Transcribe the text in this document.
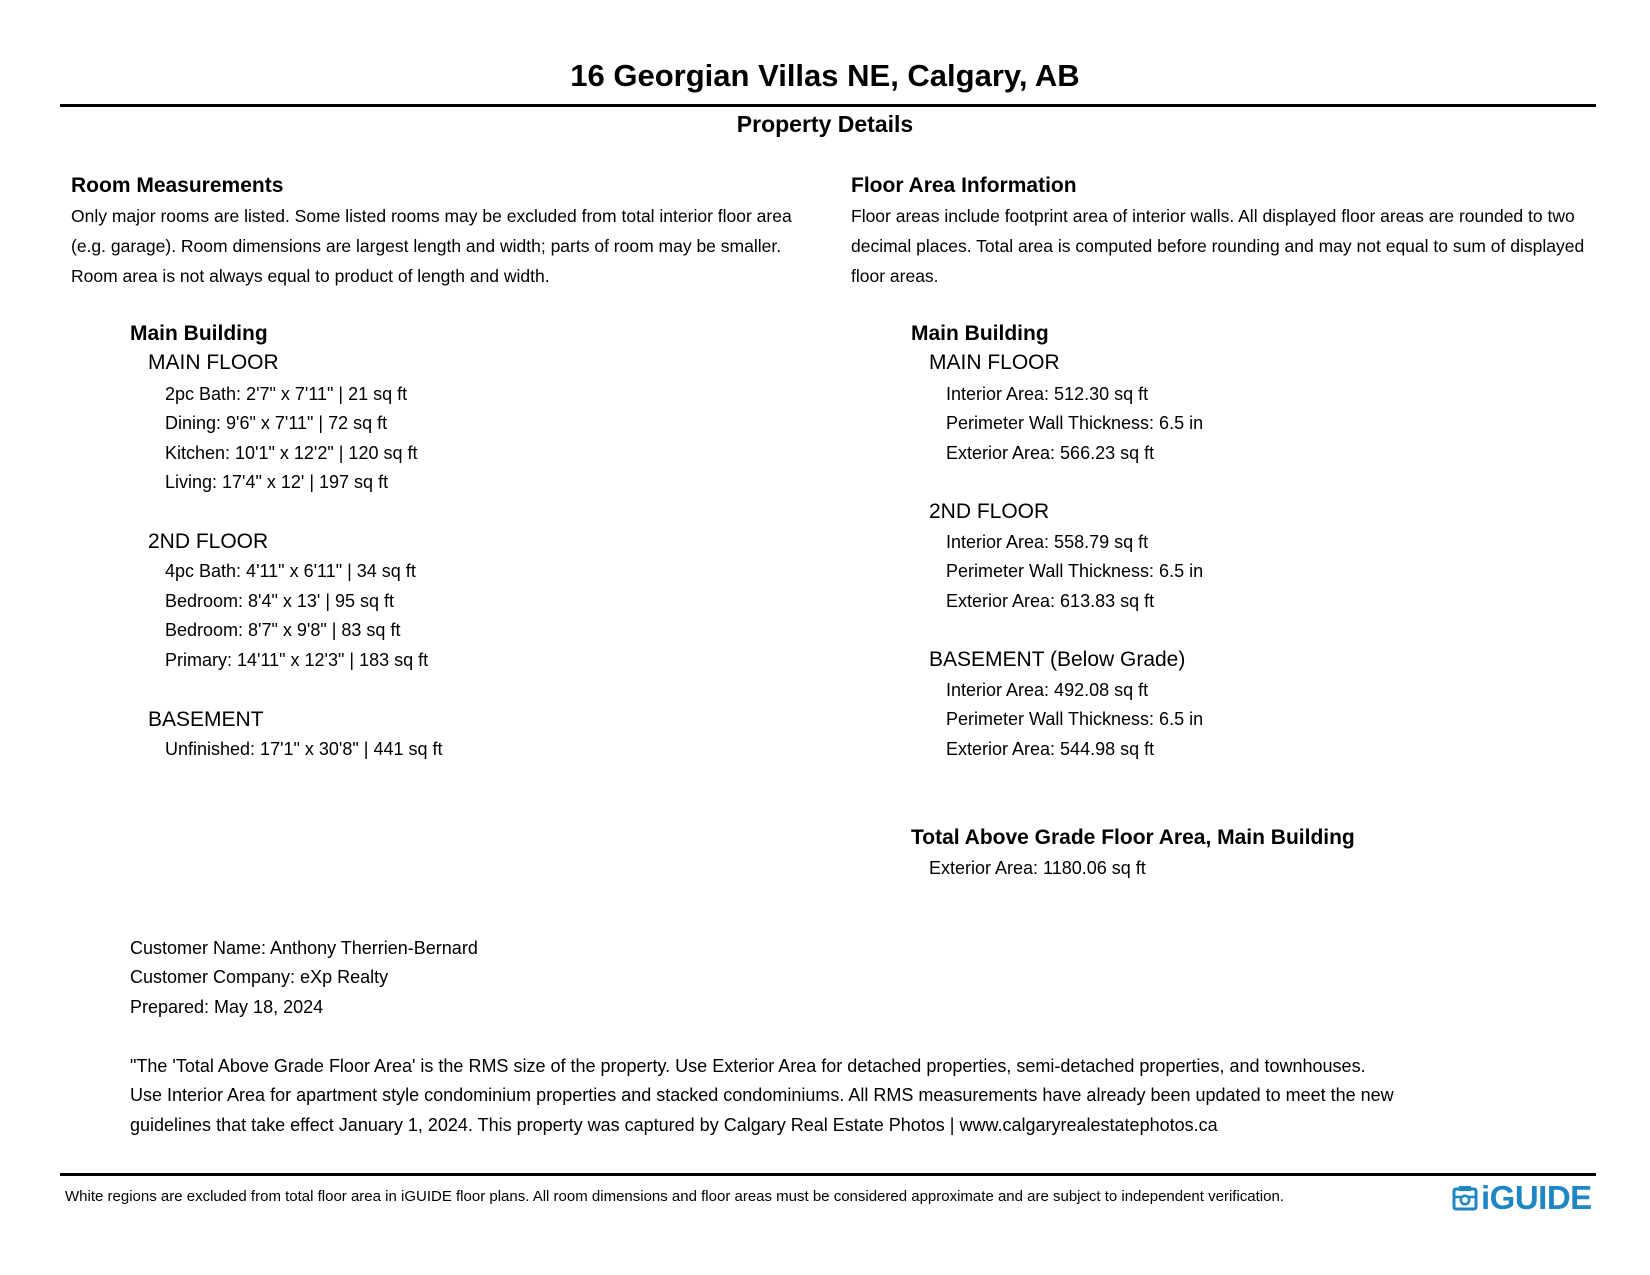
16 Georgian Villas NE, Calgary, AB
Property Details
Room Measurements
Only major rooms are listed. Some listed rooms may be excluded from total interior floor area
(e.g. garage). Room dimensions are largest length and width; parts of room may be smaller.
Room area is not always equal to product of length and width.
Main Building
MAIN FLOOR
2pc Bath: 2'7" x 7'11" | 21 sq ft
Dining: 9'6" x 7'11" | 72 sq ft
Kitchen: 10'1" x 12'2" | 120 sq ft
Living: 17'4" x 12' | 197 sq ft
2ND FLOOR
4pc Bath: 4'11" x 6'11" | 34 sq ft
Bedroom: 8'4" x 13' | 95 sq ft
Bedroom: 8'7" x 9'8" | 83 sq ft
Primary: 14'11" x 12'3" | 183 sq ft
BASEMENT
Unfinished: 17'1" x 30'8" | 441 sq ft
Floor Area Information
Floor areas include footprint area of interior walls. All displayed floor areas are rounded to two
decimal places. Total area is computed before rounding and may not equal to sum of displayed
floor areas.
Main Building
MAIN FLOOR
Interior Area: 512.30 sq ft
Perimeter Wall Thickness: 6.5 in
Exterior Area: 566.23 sq ft
2ND FLOOR
Interior Area: 558.79 sq ft
Perimeter Wall Thickness: 6.5 in
Exterior Area: 613.83 sq ft
BASEMENT (Below Grade)
Interior Area: 492.08 sq ft
Perimeter Wall Thickness: 6.5 in
Exterior Area: 544.98 sq ft
Total Above Grade Floor Area, Main Building
Exterior Area: 1180.06 sq ft
Customer Name: Anthony Therrien-Bernard
Customer Company: eXp Realty
Prepared: May 18, 2024
"The 'Total Above Grade Floor Area' is the RMS size of the property. Use Exterior Area for detached properties, semi-detached properties, and townhouses.
Use Interior Area for apartment style condominium properties and stacked condominiums. All RMS measurements have already been updated to meet the new
guidelines that take effect January 1, 2024. This property was captured by Calgary Real Estate Photos | www.calgaryrealestatephotos.ca
White regions are excluded from total floor area in iGUIDE floor plans. All room dimensions and floor areas must be considered approximate and are subject to independent verification.	iGUIDE
